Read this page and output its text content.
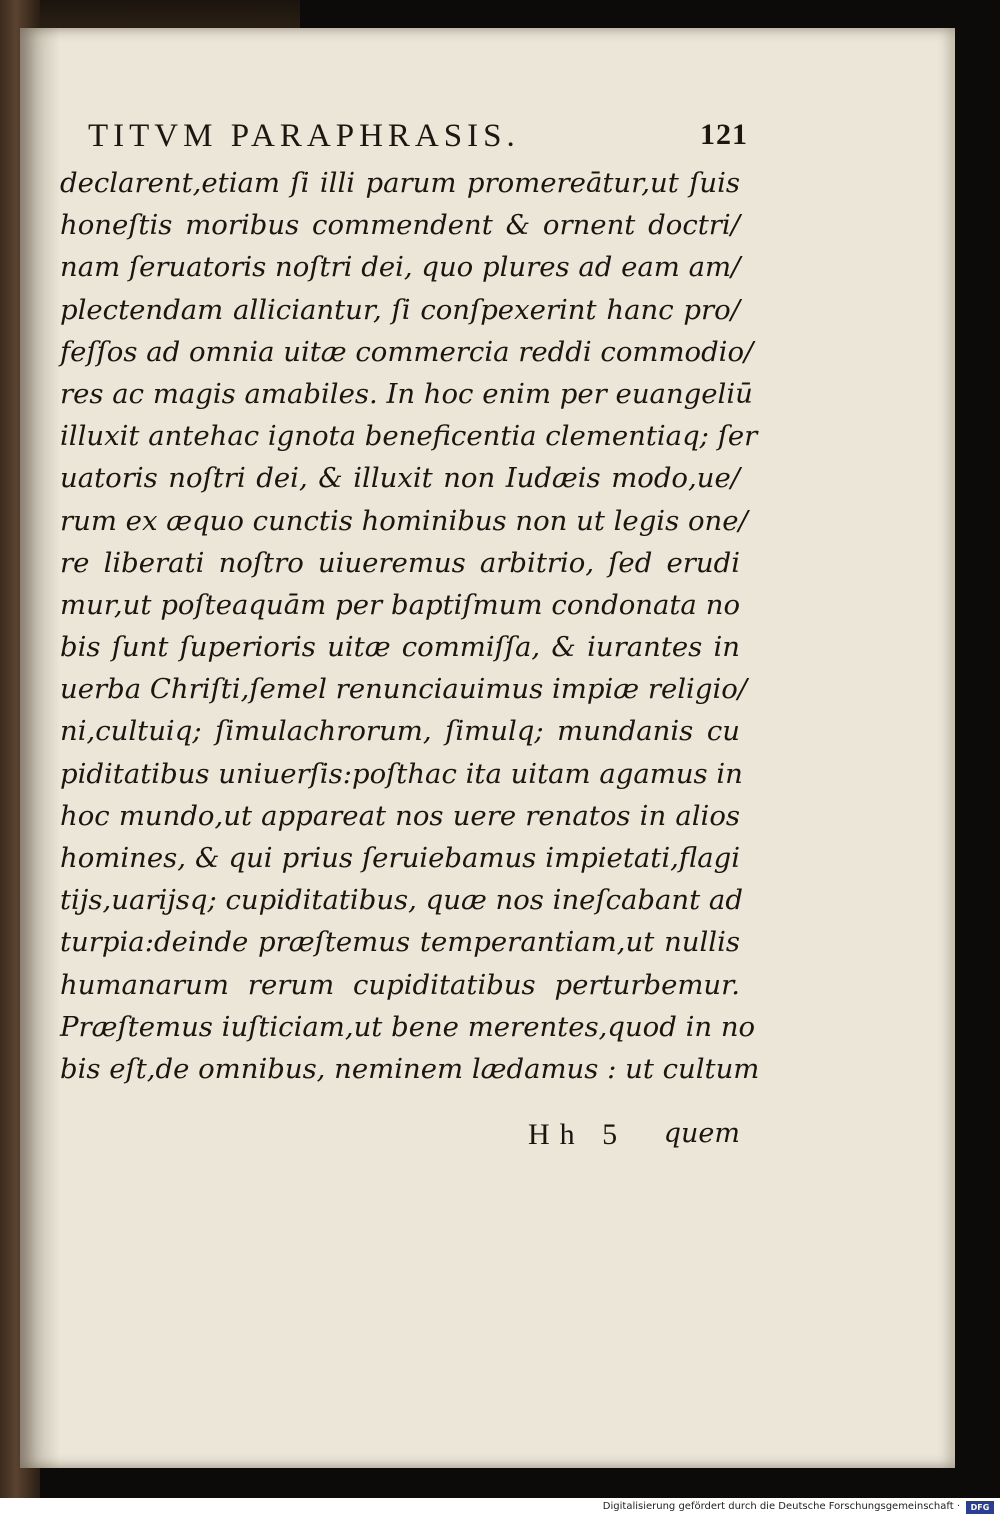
TITVM PARAPHRASIS.	121
declarent,etiam ſi illi parum promereātur,ut ſuis
honeſtis moribus commendent & ornent doctri/
nam ſeruatoris noſtri dei, quo plures ad eam am/
plectendam alliciantur, ſi conſpexerint hanc pro/
feſſos ad omnia uitæ commercia reddi commodio/
res ac magis amabiles. In hoc enim per euangeliū
illuxit antehac ignota beneficentia clementiaq; ſer
uatoris noſtri dei, & illuxit non Iudæis modo,ue/
rum ex æquo cunctis hominibus non ut legis one/
re liberati noſtro uiueremus arbitrio, ſed erudi
mur,ut poſteaquām per baptiſmum condonata no
bis ſunt ſuperioris uitæ commiſſa, & iurantes in
uerba Chriſti,ſemel renunciauimus impiæ religio/
ni,cultuiq; ſimulachrorum, ſimulq; mundanis cu
piditatibus uniuerſis:poſthac ita uitam agamus in
hoc mundo,ut appareat nos uere renatos in alios
homines, & qui prius ſeruiebamus impietati,flagi
tijs,uarijsq; cupiditatibus, quæ nos ineſcabant ad
turpia:deinde præſtemus temperantiam,ut nullis
humanarum rerum cupiditatibus perturbemur.
Præſtemus iuſticiam,ut bene merentes,quod in no
bis eſt,de omnibus, neminem lædamus : ut cultum
Hh 5 quem
Digitalisierung gefördert durch die Deutsche Forschungsgemeinschaft ·	DFG
